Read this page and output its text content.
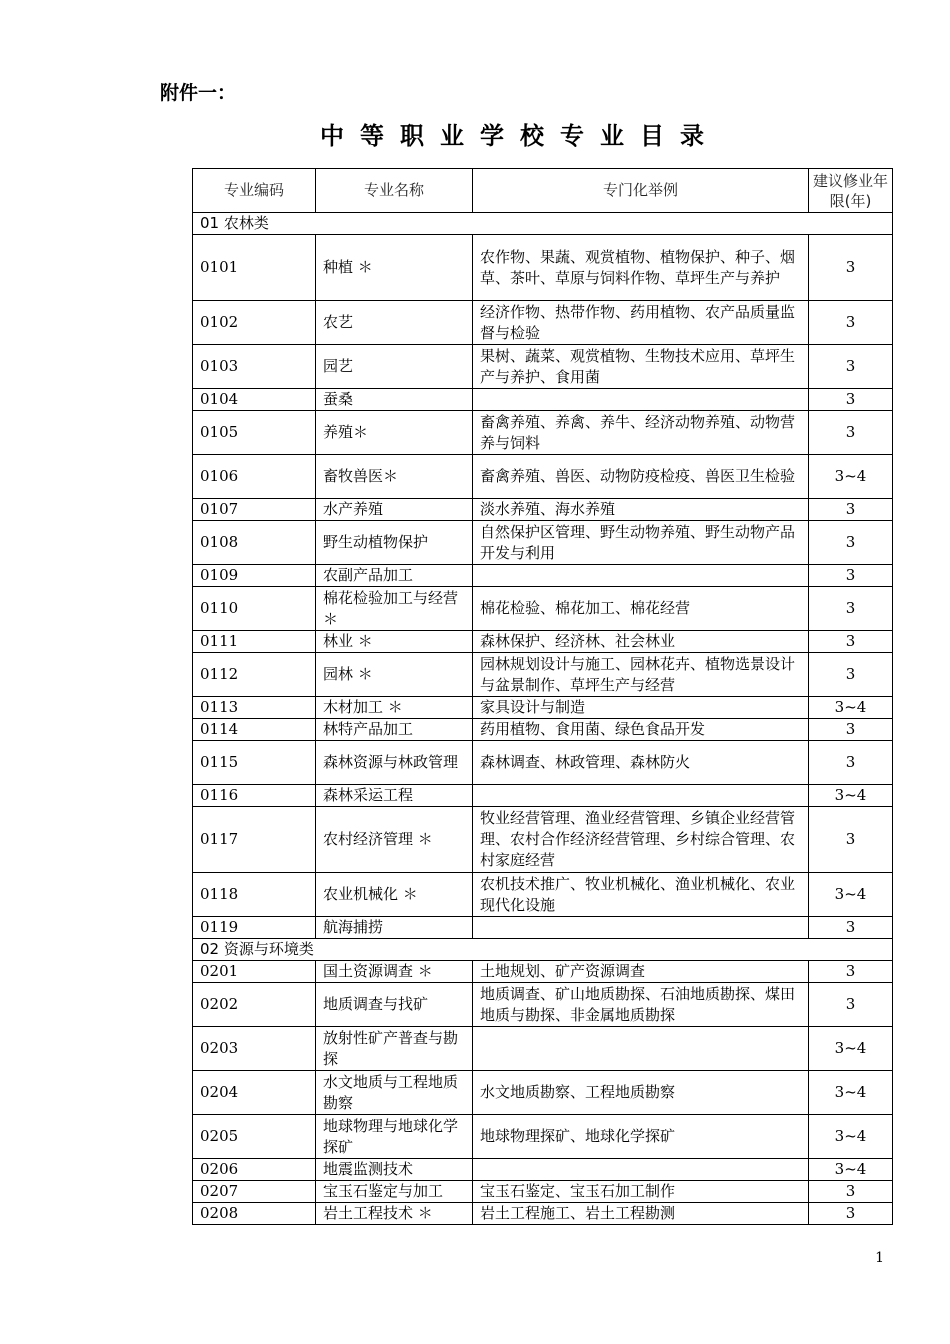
附件一：
中等职业学校专业目录
专业编码	专业名称	专门化举例	建议修业年限(年)
01 农林类			
0101	种植 ＊	农作物、果蔬、观赏植物、植物保护、种子、烟草、茶叶、草原与饲料作物、草坪生产与养护	3
0102	农艺	经济作物、热带作物、药用植物、农产品质量监督与检验	3
0103	园艺	果树、蔬菜、观赏植物、生物技术应用、草坪生产与养护、食用菌	3
0104	蚕桑		3
0105	养殖＊	畜禽养殖、养禽、养牛、经济动物养殖、动物营养与饲料	3
0106	畜牧兽医＊	畜禽养殖、兽医、动物防疫检疫、兽医卫生检验	3~4
0107	水产养殖	淡水养殖、海水养殖	3
0108	野生动植物保护	自然保护区管理、野生动物养殖、野生动物产品开发与利用	3
0109	农副产品加工		3
0110	棉花检验加工与经营 ＊	棉花检验、棉花加工、棉花经营	3
0111	林业 ＊	森林保护、经济林、社会林业	3
0112	园林 ＊	园林规划设计与施工、园林花卉、植物选景设计与盆景制作、草坪生产与经营	3
0113	木材加工 ＊	家具设计与制造	3~4
0114	林特产品加工	药用植物、食用菌、绿色食品开发	3
0115	森林资源与林政管理	森林调查、林政管理、森林防火	3
0116	森林采运工程		3~4
0117	农村经济管理 ＊	牧业经营管理、渔业经营管理、乡镇企业经营管理、农村合作经济经营管理、乡村综合管理、农村家庭经营	3
0118	农业机械化 ＊	农机技术推广、牧业机械化、渔业机械化、农业现代化设施	3~4
0119	航海捕捞		3
02 资源与环境类			
0201	国土资源调查 ＊	土地规划、矿产资源调查	3
0202	地质调查与找矿	地质调查、矿山地质勘探、石油地质勘探、煤田地质与勘探、非金属地质勘探	3
0203	放射性矿产普查与勘探		3~4
0204	水文地质与工程地质勘察	水文地质勘察、工程地质勘察	3~4
0205	地球物理与地球化学探矿	地球物理探矿、地球化学探矿	3~4
0206	地震监测技术		3~4
0207	宝玉石鉴定与加工	宝玉石鉴定、宝玉石加工制作	3
0208	岩土工程技术 ＊	岩土工程施工、岩土工程勘测	3
1
